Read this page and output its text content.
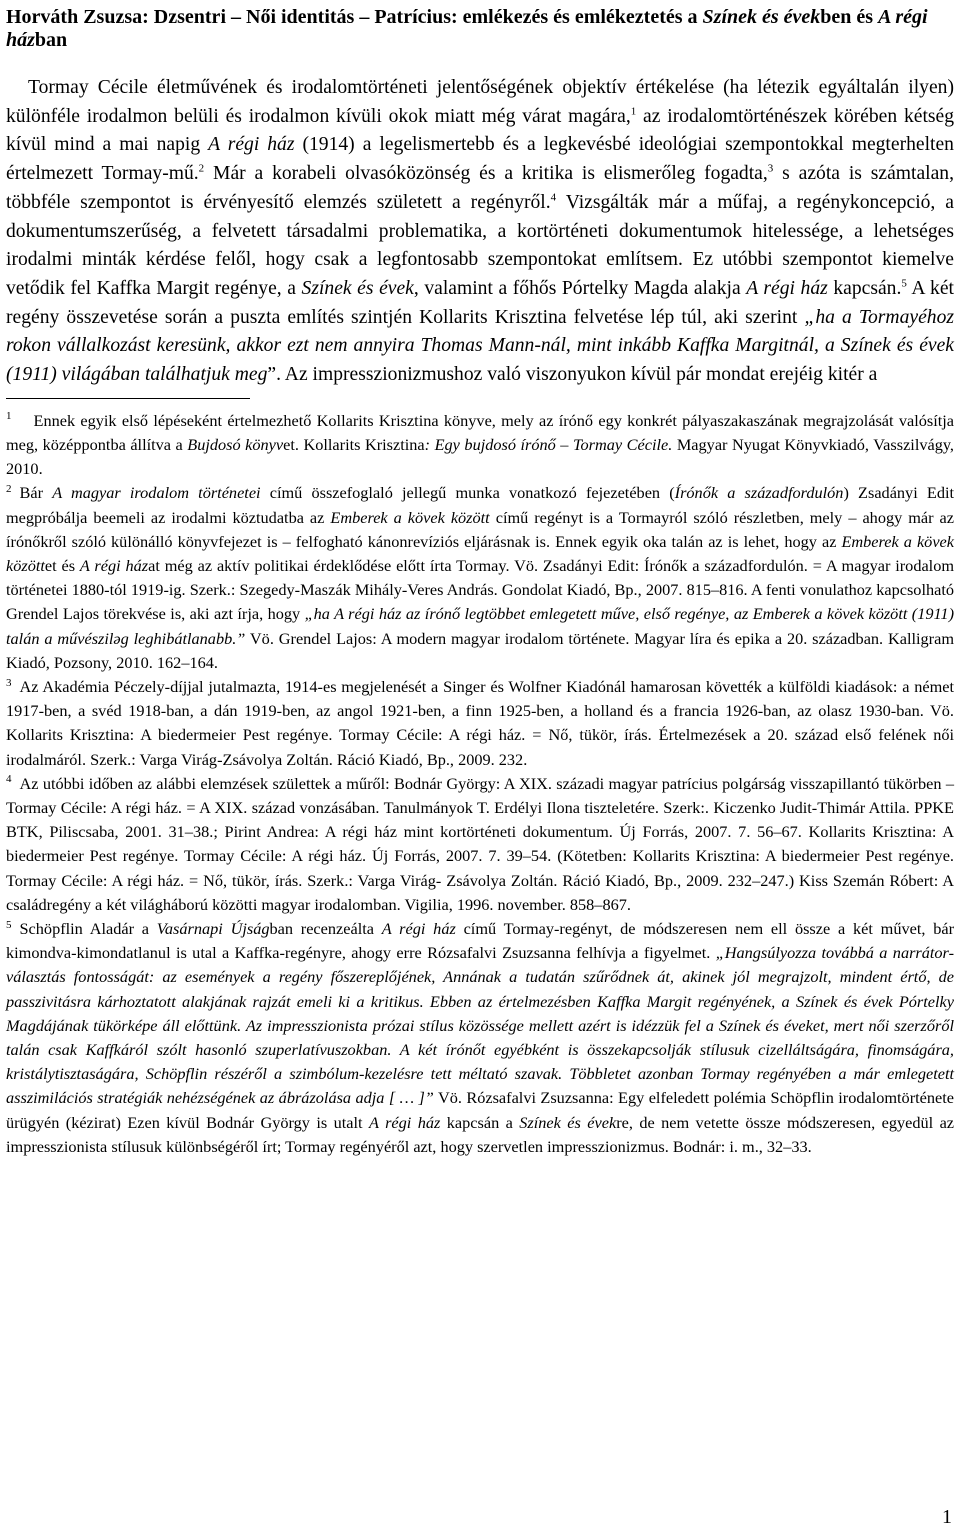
Horváth Zsuzsa: Dzsentri – Női identitás – Patrícius: emlékezés és emlékeztetés a Színek és években és A régi házban

Tormay Cécile életművének és irodalomtörténeti jelentőségének objektív értékelése (ha létezik egyáltalán ilyen) különféle irodalmon belüli és irodalmon kívüli okok miatt még várat magára,$^1$ az irodalomtörténészek körében kétség kívül mind a mai napig A régi ház (1914) a legelismertebb és a legkevésbé ideológiai szempontokkal megterhelten értelmezett Tormay-mű.$^2$ Már a korabeli olvasóközönség és a kritika is elismerőleg fogadta,$^3$ s azóta is számtalan, többféle szempontot is érvényesítő elemzés született a regényről.$^4$ Vizsgálták már a műfaj, a regénykoncepció, a dokumentumszerűség, a felvetett társadalmi problematika, a kortörténeti dokumentumok hitelessége, a lehetséges irodalmi minták kérdése felől, hogy csak a legfontosabb szempontokat említsem. Ez utóbbi szempontot kiemelve vetődik fel Kaffka Margit regénye, a Színek és évek, valamint a főhős Pórtelky Magda alakja A régi ház kapcsán.$^5$ A két regény összevetése során a puszta említés szintjén Kollarits Krisztina felvetése lép túl, aki szerint „ha a Tormayéhoz rokon vállalkozást keresünk, akkor ezt nem annyira Thomas Mann-nál, mint inkább Kaffka Margitnál, a Színek és évek (1911) világában találhatjuk meg”. Az impresszionizmushoz való viszonyukon kívül pár mondat erejéig kitér a

$^1$ Ennek egyik első lépéseként értelmezhető Kollarits Krisztina könyve, mely az írónő egy konkrét pályaszakaszának megrajzolását valósítja meg, középpontba állítva a Bujdosó könyvet. Kollarits Krisztina: Egy bujdosó írónő – Tormay Cécile. Magyar Nyugat Könyvkiadó, Vasszilvágy, 2010.

$^2$ Bár A magyar irodalom történetei című összefoglaló jellegű munka vonatkozó fejezetében (Írónők a századfordulón) Zsadányi Edit megpróbálja beemeli az irodalmi köztudatba az Emberek a kövek között című regényt is a Tormayról szóló részletben, mely – ahogy már az írónőkről szóló különálló könyvfejezet is – felfogható kánonrevíziós eljárásnak is. Ennek egyik oka talán az is lehet, hogy az Emberek a kövek közöttet és A régi házat még az aktív politikai érdeklődése előtt írta Tormay. Vö. Zsadányi Edit: Írónők a századfordulón. = A magyar irodalom történetei 1880-tól 1919-ig. Szerk.: Szegedy-Maszák Mihály-Veres András. Gondolat Kiadó, Bp., 2007. 815–816. A fenti vonulathoz kapcsolható Grendel Lajos törekvése is, aki azt írja, hogy „ha A régi ház az írónő legtöbbet emlegetett műve, első regénye, az Emberek a kövek között (1911) talán a művésziləg leghibátlanabb.” Vö. Grendel Lajos: A modern magyar irodalom története. Magyar líra és epika a 20. században. Kalligram Kiadó, Pozsony, 2010. 162–164.

$^3$ Az Akadémia Péczely-díjjal jutalmazta, 1914-es megjelenését a Singer és Wolfner Kiadónál hamarosan követték a külföldi kiadások: a német 1917-ben, a svéd 1918-ban, a dán 1919-ben, az angol 1921-ben, a finn 1925-ben, a holland és a francia 1926-ban, az olasz 1930-ban. Vö. Kollarits Krisztina: A biedermeier Pest regénye. Tormay Cécile: A régi ház. = Nő, tükör, írás. Értelmezések a 20. század első felének női irodalmáról. Szerk.: Varga Virág-Zsávolya Zoltán. Ráció Kiadó, Bp., 2009. 232.

$^4$ Az utóbbi időben az alábbi elemzések születtek a műről: Bodnár György: A XIX. századi magyar patrícius polgárság visszapillantó tükörben – Tormay Cécile: A régi ház. = A XIX. század vonzásában. Tanulmányok T. Erdélyi Ilona tiszteletére. Szerk:. Kiczenko Judit-Thimár Attila. PPKE BTK, Piliscsaba, 2001. 31–38.; Pirint Andrea: A régi ház mint kortörténeti dokumentum. Új Forrás, 2007. 7. 56–67. Kollarits Krisztina: A biedermeier Pest regénye. Tormay Cécile: A régi ház. Új Forrás, 2007. 7. 39–54. (Kötetben: Kollarits Krisztina: A biedermeier Pest regénye. Tormay Cécile: A régi ház. = Nő, tükör, írás. Szerk.: Varga Virág- Zsávolya Zoltán. Ráció Kiadó, Bp., 2009. 232–247.) Kiss Szemán Róbert: A családregény a két világháború közötti magyar irodalomban. Vigilia, 1996. november. 858–867.

$^5$ Schöpflin Aladár a Vasárnapi Újságban recenzeálta A régi ház című Tormay-regényt, de módszeresen nem ell össze a két művet, bár kimondva-kimondatlanul is utal a Kaffka-regényre, ahogy erre Rózsafalvi Zsuzsanna felhívja a figyelmet. „Hangsúlyozza továbbá a narrátor-választás fontosságát: az események a regény főszereplőjének, Annának a tudatán szűrődnek át, akinek jól megrajzolt, mindent értő, de passzivitásra kárhoztatott alakjának rajzát emeli ki a kritikus. Ebben az értelmezésben Kaffka Margit regényének, a Színek és évek Pórtelky Magdájának tükörképe áll előttünk. Az impresszionista prózai stílus közössége mellett azért is idézzük fel a Színek és éveket, mert női szerzőről talán csak Kaffkáról szólt hasonló szuperlatívuszokban. A két írónőt egyébként is összekapcsolják stílusuk cizelláltságára, finomságára, kristálytisztaságára, Schöpflin részéről a szimbólum-kezelésre tett méltató szavak. Többletet azonban Tormay regényében a már emlegetett asszimilációs stratégiák nehézségének az ábrázolása adja [ … ]” Vö. Rózsafalvi Zsuzsanna: Egy elfeledett polémia Schöpflin irodalomtörténete ürügyén (kézirat) Ezen kívül Bodnár György is utalt A régi ház kapcsán a Színek és évekre, de nem vetette össze módszeresen, egyedül az impresszionista stílusuk különbségéről írt; Tormay regényéről azt, hogy szervetlen impresszionizmus. Bodnár: i. m., 32–33.

1
